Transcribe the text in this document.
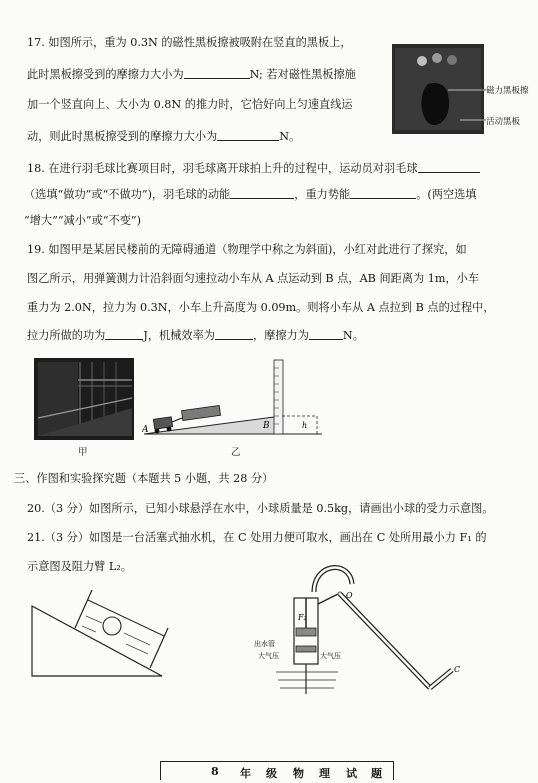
17. 如图所示，重为 0.3N 的磁性黑板擦被吸附在竖直的黑板上，
此时黑板擦受到的摩擦力大小为	N; 若对磁性黑板擦施
加一个竖直向上、大小为 0.8N 的推力时，它恰好向上匀速直线运
动，则此时黑板擦受到的摩擦力大小为	N。
磁力黑板擦
活动黑板
18. 在进行羽毛球比赛项目时，羽毛球离开球拍上升的过程中，运动员对羽毛球
（选填“做功”或“不做功”)，羽毛球的动能	，重力势能	。(两空选填
“增大”“减小”或“不变”)
19. 如图甲是某居民楼前的无障碍通道（物理学中称之为斜面)，小红对此进行了探究，如
图乙所示，用弹簧测力计沿斜面匀速拉动小车从 A 点运动到 B 点，AB 间距离为 1m，小车
重力为 2.0N，拉力为 0.3N，小车上升高度为 0.09m。则将小车从 A 点拉到 B 点的过程中，
拉力所做的功为	J，机械效率为	，摩擦力为	N。
甲
A	B	h
乙
三、作图和实验探究题（本题共 5 小题，共 28 分）
20.（3 分）如图所示，已知小球悬浮在水中，小球质量是 0.5kg，请画出小球的受力示意图。
21.（3 分）如图是一台活塞式抽水机，在 C 处用力便可取水，画出在 C 处所用最小力 F₁ 的
示意图及阻力臂 L₂。
F₂
出水管
大气压	大气压
O
C
8 年 级 物 理 试 题
